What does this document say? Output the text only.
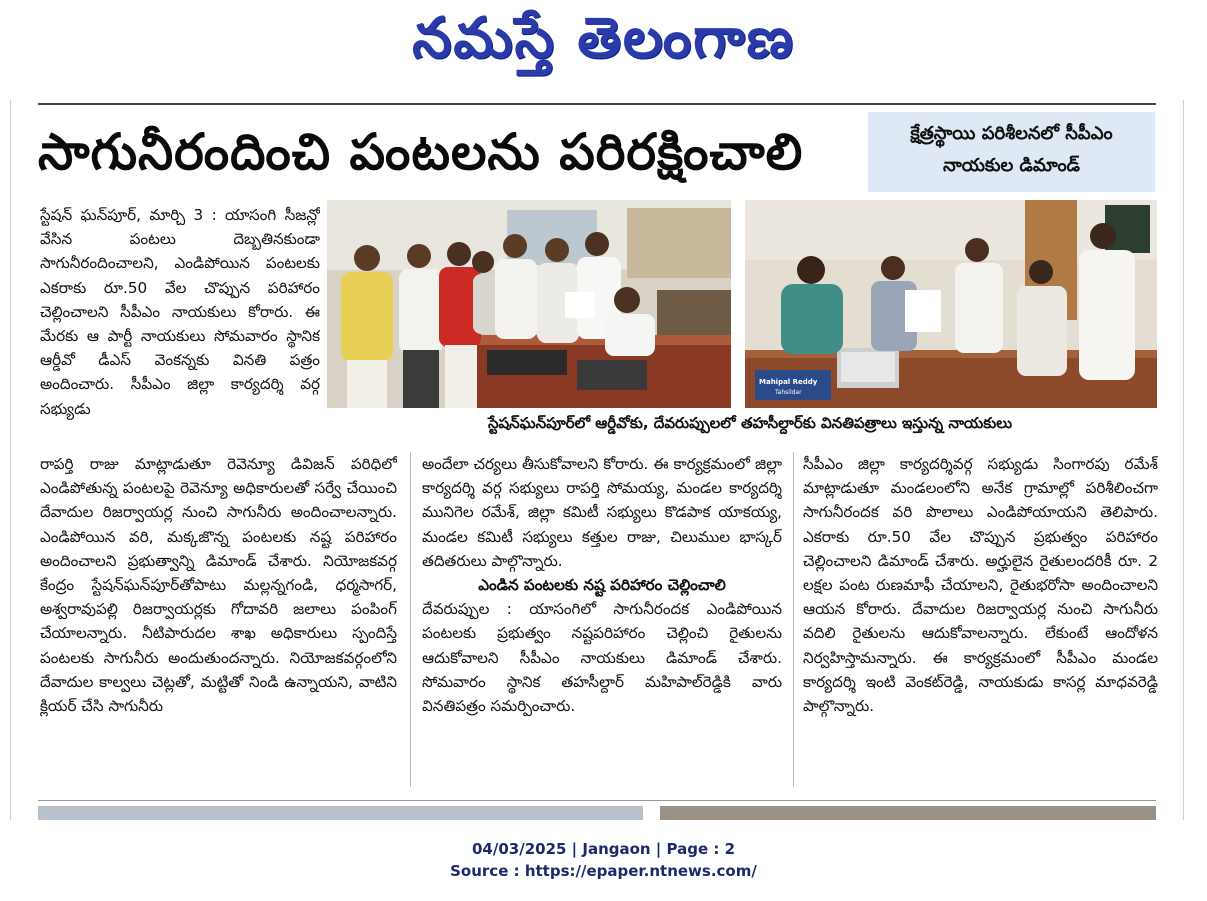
నమస్తే తెలంగాణ
సాగునీరందించి పంటలను పరిరక్షించాలి	క్షేత్రస్థాయి పరిశీలనలో సీపీఎం
నాయకుల డిమాండ్
Mahipal Reddy
Tahsildar
స్టేషన్‌ఘన్‌పూర్‌లో ఆర్డీవోకు, దేవరుప్పులలో తహసీల్దార్‌కు వినతిపత్రాలు ఇస్తున్న నాయకులు

స్టేషన్ ఘన్‌పూర్, మార్చి 3 : యాసంగి సీజన్లో వేసిన పంటలు దెబ్బతినకుండా సాగునీరందించాలని, ఎండిపోయిన పంటలకు ఎకరాకు రూ.50 వేల చొప్పున పరిహారం చెల్లించాలని సీపీఎం నాయకులు కోరారు. ఈ మేరకు ఆ పార్టీ నాయకులు సోమవారం స్థానిక ఆర్డీవో డీఎస్ వెంకన్నకు వినతి పత్రం అందించారు. సీపీఎం జిల్లా కార్యదర్శి వర్గ సభ్యుడు

రాపర్తి రాజు మాట్లాడుతూ రెవెన్యూ డివిజన్ పరిధిలో ఎండిపోతున్న పంటలపై రెవెన్యూ అధికారులతో సర్వే చేయించి దేవాదుల రిజర్వాయర్ల నుంచి సాగునీరు అందించాలన్నారు. ఎండిపోయిన వరి, మక్కజొన్న పంటలకు నష్ట పరిహారం అందించాలని ప్రభుత్వాన్ని డిమాండ్ చేశారు. నియోజకవర్గ కేంద్రం స్టేషన్‌ఘన్‌పూర్‌తోపాటు మల్లన్నగండి, ధర్మసాగర్, అశ్వరావుపల్లి రిజర్వాయర్లకు గోదావరి జలాలు పంపింగ్ చేయాలన్నారు. నీటిపారుదల శాఖ అధికారులు స్పందిస్తే పంటలకు సాగునీరు అందుతుందన్నారు. నియోజకవర్గంలోని దేవాదుల కాల్వలు చెట్లతో, మట్టితో నిండి ఉన్నాయని, వాటిని క్లియర్ చేసి సాగునీరు

అందేలా చర్యలు తీసుకోవాలని కోరారు. ఈ కార్యక్రమంలో జిల్లా కార్యదర్శి వర్గ సభ్యులు రాపర్తి సోమయ్య, మండల కార్యదర్శి మునిగెల రమేశ్, జిల్లా కమిటీ సభ్యులు కొడపాక యాకయ్య, మండల కమిటీ సభ్యులు కత్తుల రాజు, చిలుముల భాస్కర్ తదితరులు పాల్గొన్నారు.

ఎండిన పంటలకు నష్ట పరిహారం చెల్లించాలి

దేవరుప్పుల : యాసంగిలో సాగునీరందక ఎండిపోయిన పంటలకు ప్రభుత్వం నష్టపరిహారం చెల్లించి రైతులను ఆదుకోవాలని సీపీఎం నాయకులు డిమాండ్ చేశారు. సోమవారం స్థానిక తహసీల్దార్ మహిపాల్‌రెడ్డికి వారు వినతిపత్రం సమర్పించారు.

సీపీఎం జిల్లా కార్యదర్శివర్గ సభ్యుడు సింగారపు రమేశ్ మాట్లాడుతూ మండలంలోని అనేక గ్రామాల్లో పరిశీలించగా సాగునీరందక వరి పొలాలు ఎండిపోయాయని తెలిపారు. ఎకరాకు రూ.50 వేల చొప్పున ప్రభుత్వం పరిహారం చెల్లించాలని డిమాండ్ చేశారు. అర్హులైన రైతులందరికీ రూ. 2 లక్షల పంట రుణమాఫీ చేయాలని, రైతుభరోసా అందించాలని ఆయన కోరారు. దేవాదుల రిజర్వాయర్ల నుంచి సాగునీరు వదిలి రైతులను ఆదుకోవాలన్నారు. లేకుంటే ఆందోళన నిర్వహిస్తామన్నారు. ఈ కార్యక్రమంలో సీపీఎం మండల కార్యదర్శి ఇంటి వెంకట్‌రెడ్డి, నాయకుడు కాసర్ల మాధవరెడ్డి పాల్గొన్నారు.

04/03/2025 | Jangaon | Page : 2
Source : https://epaper.ntnews.com/
